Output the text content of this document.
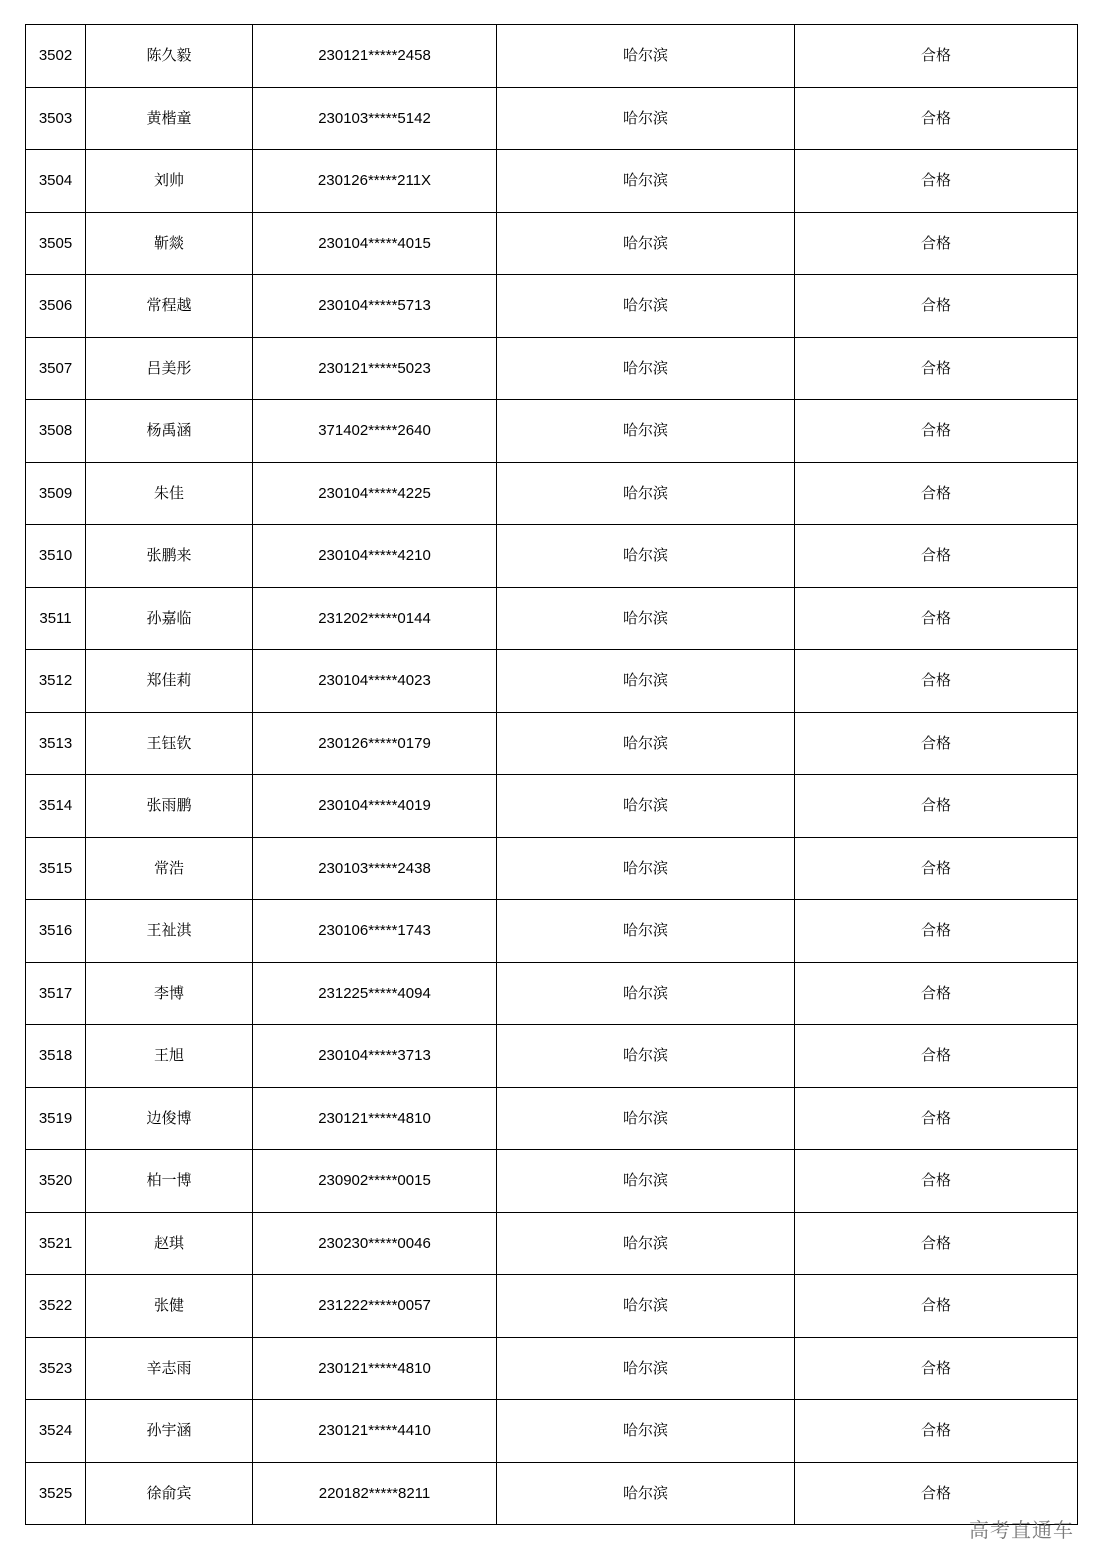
3502	陈久毅	230121*****2458	哈尔滨	合格
3503	黄楷童	230103*****5142	哈尔滨	合格
3504	刘帅	230126*****211X	哈尔滨	合格
3505	靳燚	230104*****4015	哈尔滨	合格
3506	常程越	230104*****5713	哈尔滨	合格
3507	吕美彤	230121*****5023	哈尔滨	合格
3508	杨禹涵	371402*****2640	哈尔滨	合格
3509	朱佳	230104*****4225	哈尔滨	合格
3510	张鹏来	230104*****4210	哈尔滨	合格
3511	孙嘉临	231202*****0144	哈尔滨	合格
3512	郑佳莉	230104*****4023	哈尔滨	合格
3513	王钰钦	230126*****0179	哈尔滨	合格
3514	张雨鹏	230104*****4019	哈尔滨	合格
3515	常浩	230103*****2438	哈尔滨	合格
3516	王祉淇	230106*****1743	哈尔滨	合格
3517	李博	231225*****4094	哈尔滨	合格
3518	王旭	230104*****3713	哈尔滨	合格
3519	边俊博	230121*****4810	哈尔滨	合格
3520	柏一博	230902*****0015	哈尔滨	合格
3521	赵琪	230230*****0046	哈尔滨	合格
3522	张健	231222*****0057	哈尔滨	合格
3523	辛志雨	230121*****4810	哈尔滨	合格
3524	孙宇涵	230121*****4410	哈尔滨	合格
3525	徐俞宾	220182*****8211	哈尔滨	合格
高考直通车
